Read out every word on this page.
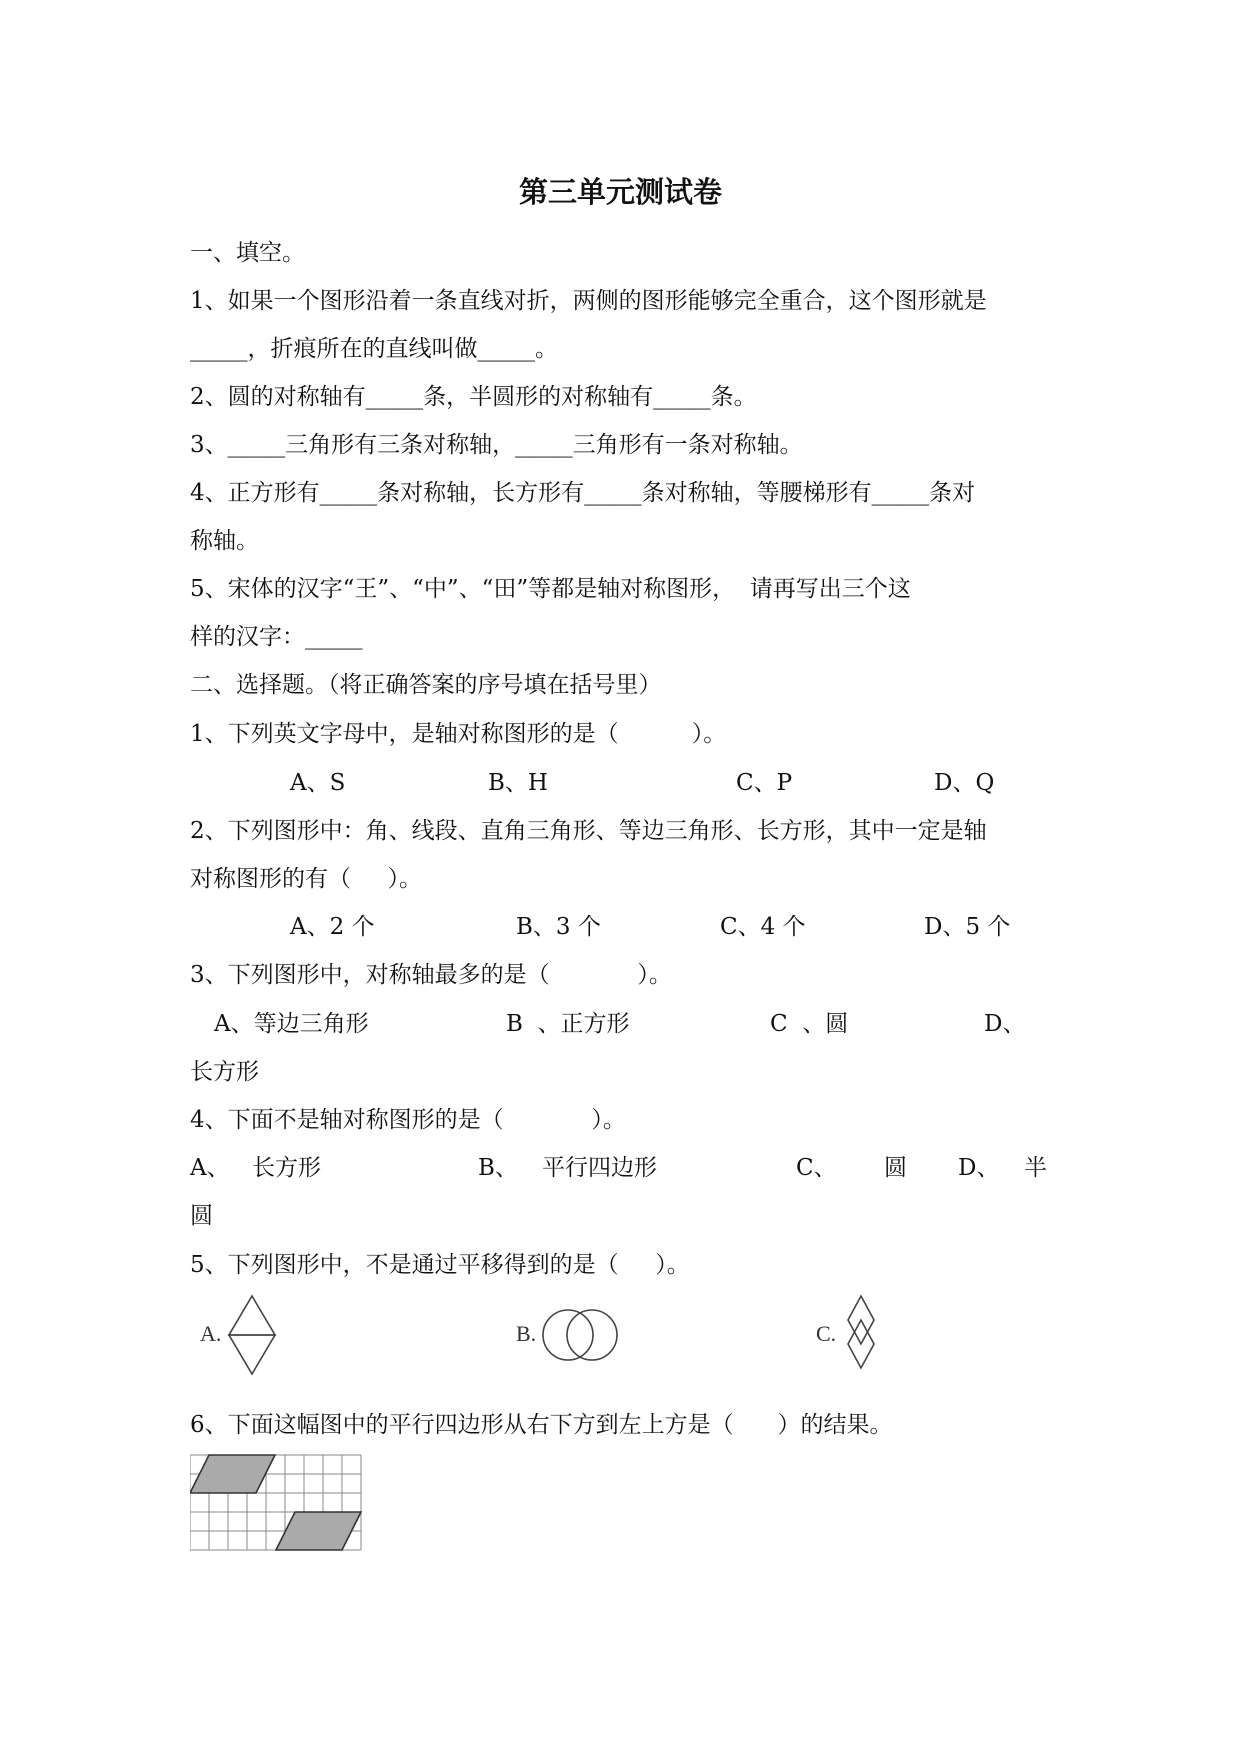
第三单元测试卷
一、填空。
1、如果一个图形沿着一条直线对折，两侧的图形能够完全重合，这个图形就是
_____，折痕所在的直线叫做_____。
2、圆的对称轴有_____条，半圆形的对称轴有_____条。
3、_____三角形有三条对称轴，_____三角形有一条对称轴。
4、正方形有_____条对称轴，长方形有_____条对称轴，等腰梯形有_____条对
称轴。
5、宋体的汉字“王”、“中”、“田”等都是轴对称图形，  请再写出三个这
样的汉字：_____
二、选择题。（将正确答案的序号填在括号里）
1、下列英文字母中，是轴对称图形的是（          ）。
A、S	B、H	C、P	D、Q
2、下列图形中：角、线段、直角三角形、等边三角形、长方形，其中一定是轴
对称图形的有（     ）。
A、2 个	B、3 个	C、4 个	D、5 个
3、下列图形中，对称轴最多的是（            ）。
A、等边三角形	B  、正方形	C  、圆	D、
长方形
4、下面不是轴对称图形的是（            ）。
A、 长方形	B、 平行四边形	C、 圆 D、 半
圆
5、下列图形中，不是通过平移得到的是（     ）。
A.	B.	C.
6、下面这幅图中的平行四边形从右下方到左上方是（      ）的结果。
